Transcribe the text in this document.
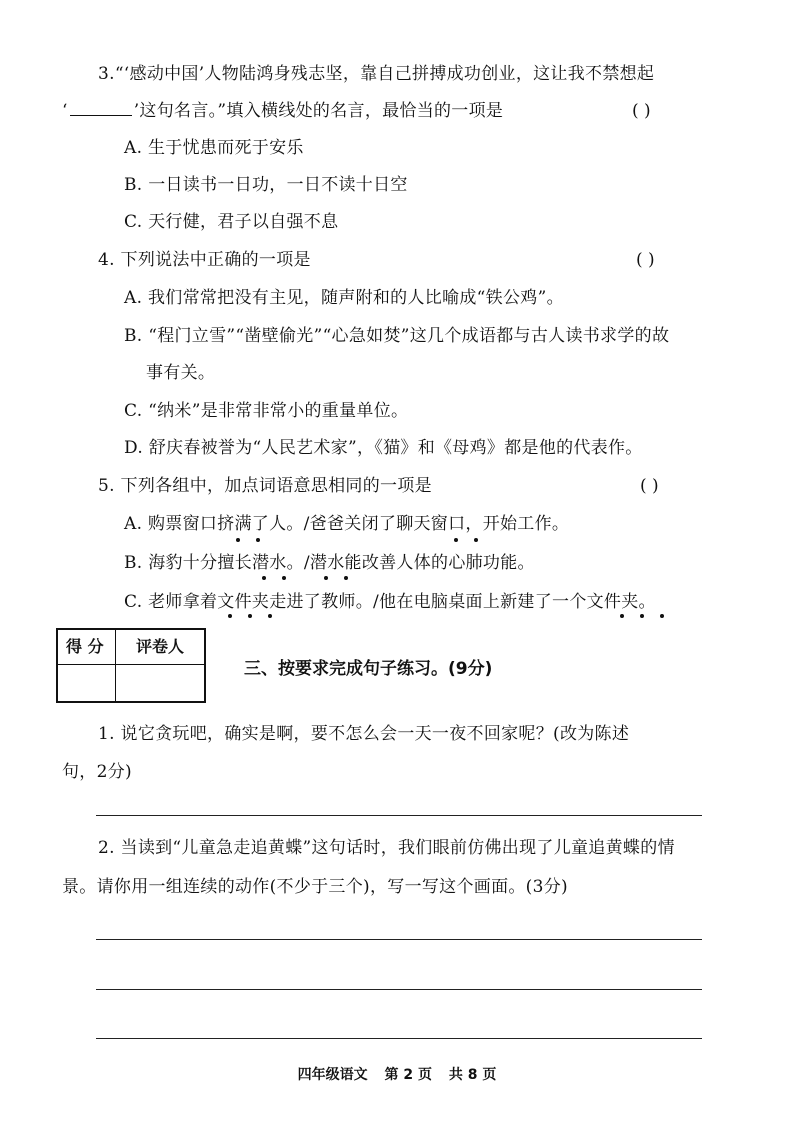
3.“‘感动中国’人物陆鸿身残志坚，靠自己拼搏成功创业，这让我不禁想起
‘	’这句名言。”填入横线处的名言，最恰当的一项是	( )
A. 生于忧患而死于安乐
B. 一日读书一日功，一日不读十日空
C. 天行健，君子以自强不息
4. 下列说法中正确的一项是	( )
A. 我们常常把没有主见，随声附和的人比喻成“铁公鸡”。
B. “程门立雪”“凿壁偷光”“心急如焚”这几个成语都与古人读书求学的故
事有关。
C. “纳米”是非常非常小的重量单位。
D. 舒庆春被誉为“人民艺术家”，《猫》和《母鸡》都是他的代表作。
5. 下列各组中，加点词语意思相同的一项是	( )
A. 购票窗口挤满了人。/爸爸关闭了聊天窗口，开始工作。
B. 海豹十分擅长潜水。/潜水能改善人体的心肺功能。
C. 老师拿着文件夹走进了教师。/他在电脑桌面上新建了一个文件夹。
得 分 评卷人
三、按要求完成句子练习。(9分)
1. 说它贪玩吧，确实是啊，要不怎么会一天一夜不回家呢？(改为陈述
句，2分)
2. 当读到“儿童急走追黄蝶”这句话时，我们眼前仿佛出现了儿童追黄蝶的情
景。请你用一组连续的动作(不少于三个)，写一写这个画面。(3分)
四年级语文 第 2 页 共 8 页
